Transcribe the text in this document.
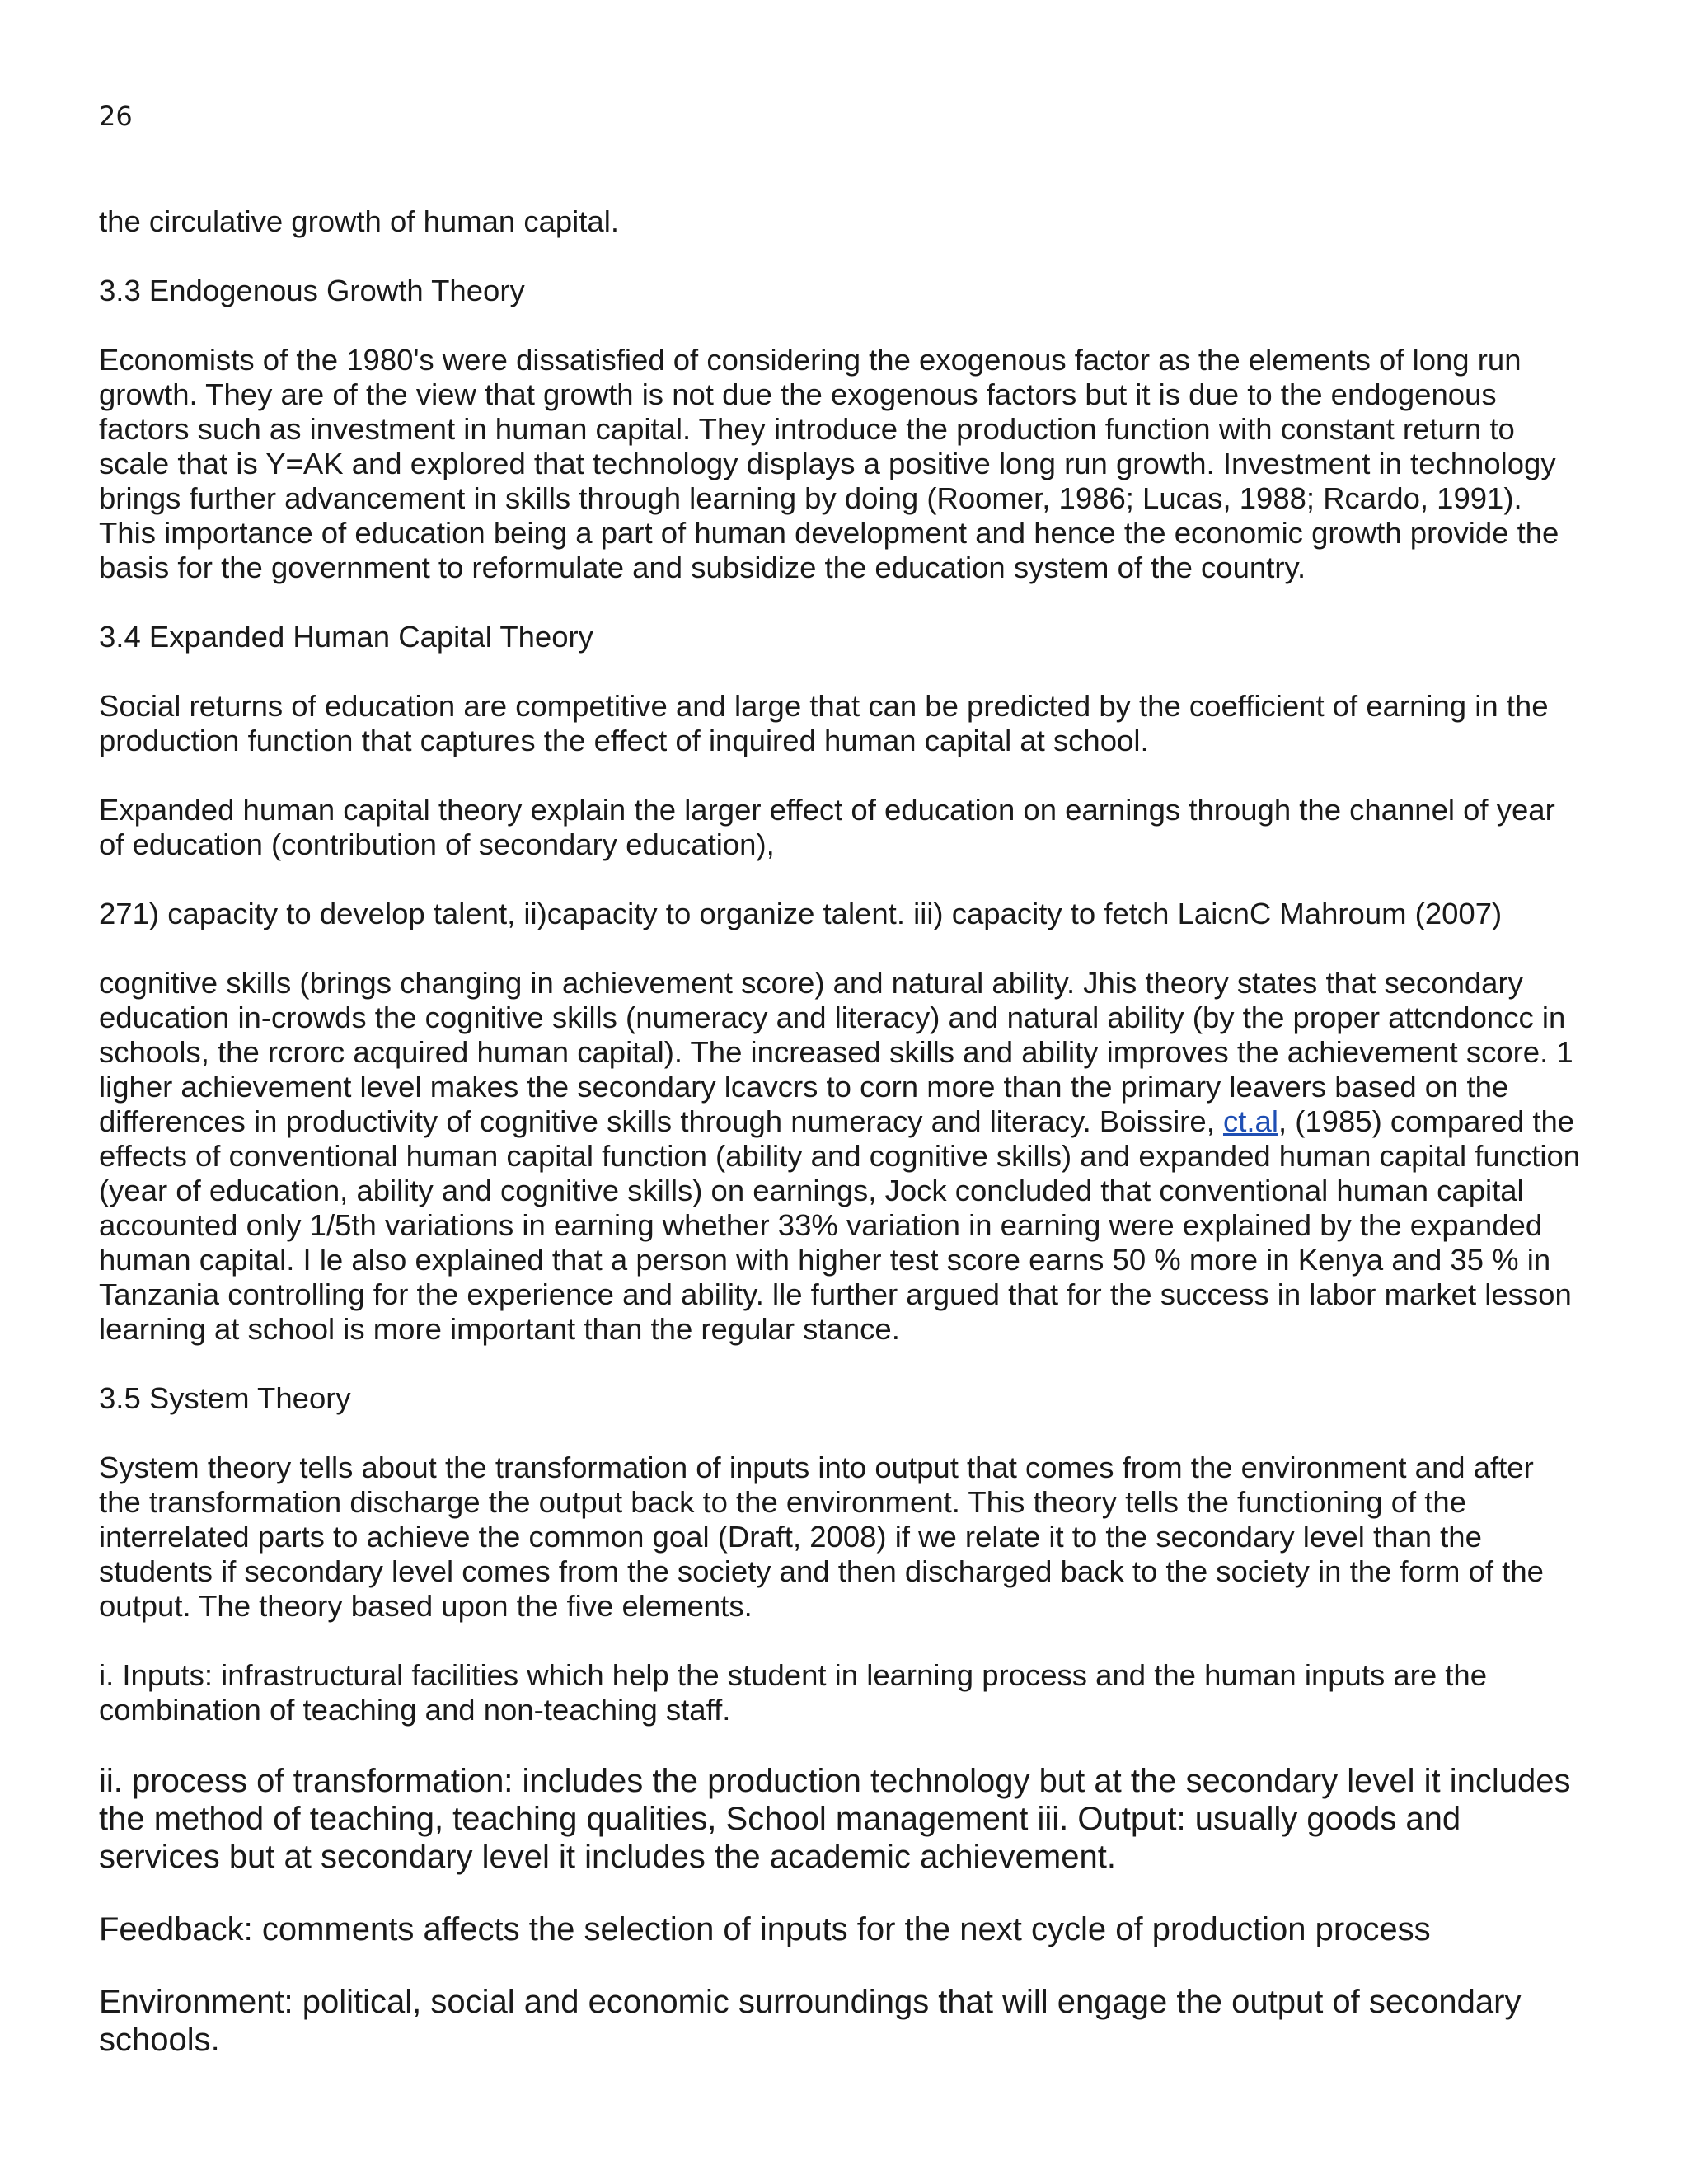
26

the circulative growth of human capital.

3.3 Endogenous Growth Theory

Economists of the 1980's were dissatisfied of considering the exogenous factor as the elements of long run growth. They are of the view that growth is not due the exogenous factors but it is due to the endogenous factors such as investment in human capital. They introduce the production function with constant return to scale that is Y=AK and explored that technology displays a positive long run growth. Investment in technology brings further advancement in skills through learning by doing (Roomer, 1986; Lucas, 1988; Rcardo, 1991). This importance of education being a part of human development and hence the economic growth provide the basis for the government to reformulate and subsidize the education system of the country.

3.4 Expanded Human Capital Theory

Social returns of education are competitive and large that can be predicted by the coefficient of earning in the production function that captures the effect of inquired human capital at school.

Expanded human capital theory explain the larger effect of education on earnings through the channel of year of education (contribution of secondary education),

271) capacity to develop talent, ii)capacity to organize talent. iii) capacity to fetch LaicnC Mahroum (2007)

cognitive skills (brings changing in achievement score) and natural ability. Jhis theory states that secondary education in-crowds the cognitive skills (numeracy and literacy) and natural ability (by the proper attcndoncc in schools, the rcrorc acquired human capital). The increased skills and ability improves the achievement score. 1 ligher achievement level makes the secondary lcavcrs to corn more than the primary leavers based on the differences in productivity of cognitive skills through numeracy and literacy. Boissire, ct.al, (1985) compared the effects of conventional human capital function (ability and cognitive skills) and expanded human capital function (year of education, ability and cognitive skills) on earnings, Jock concluded that conventional human capital accounted only 1/5th variations in earning whether 33% variation in earning were explained by the expanded human capital. I le also explained that a person with higher test score earns 50 % more in Kenya and 35 % in Tanzania controlling for the experience and ability. lle further argued that for the success in labor market lesson learning at school is more important than the regular stance.

3.5 System Theory

System theory tells about the transformation of inputs into output that comes from the environment and after the transformation discharge the output back to the environment. This theory tells the functioning of the interrelated parts to achieve the common goal (Draft, 2008) if we relate it to the secondary level than the students if secondary level comes from the society and then discharged back to the society in the form of the output. The theory based upon the five elements.

i. Inputs: infrastructural facilities which help the student in learning process and the human inputs are the combination of teaching and non-teaching staff.

ii. process of transformation: includes the production technology but at the secondary level it includes the method of teaching, teaching qualities, School management iii. Output: usually goods and services but at secondary level it includes the academic achievement.

Feedback: comments affects the selection of inputs for the next cycle of production process

Environment: political, social and economic surroundings that will engage the output of secondary schools.
